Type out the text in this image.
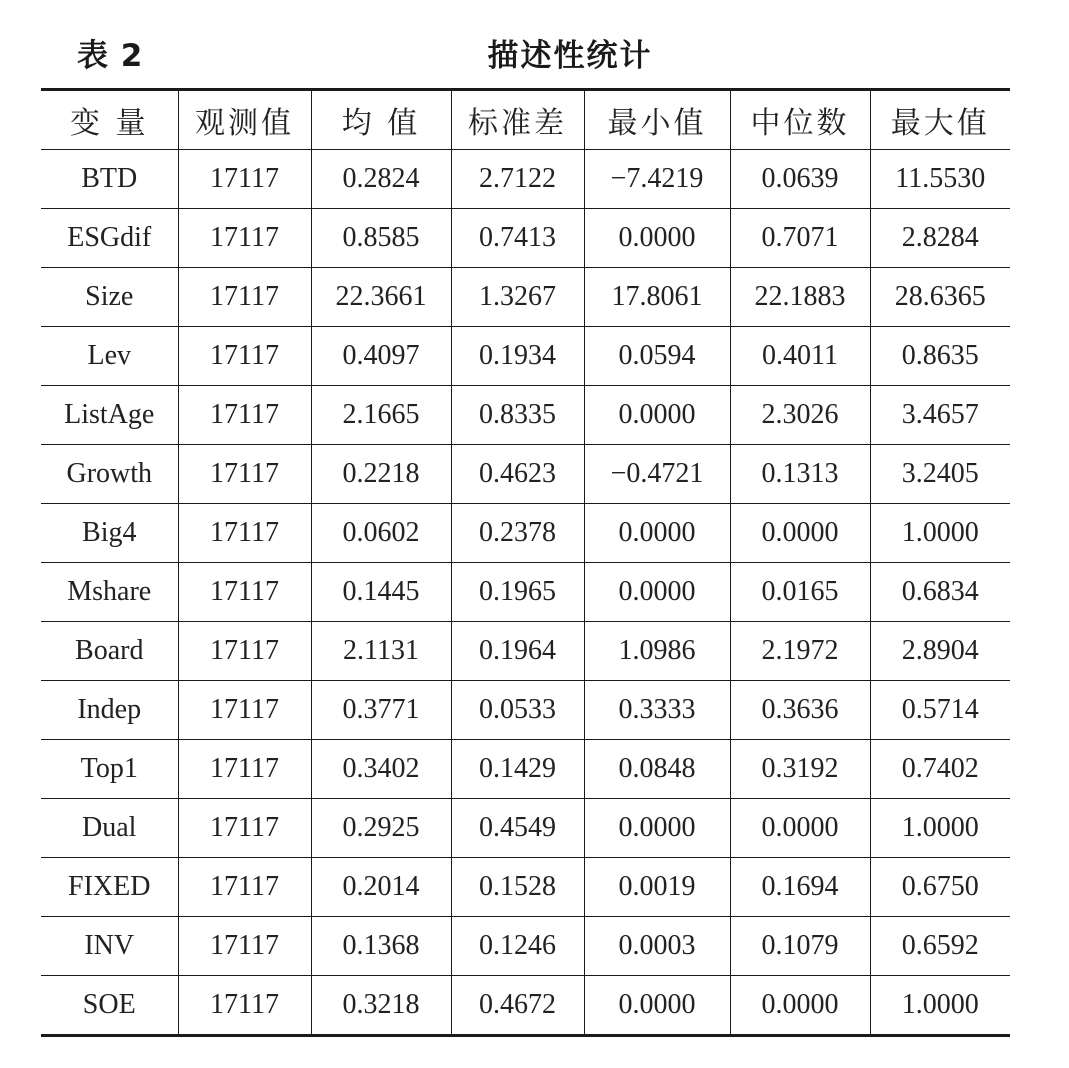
表 2	描述性统计
变 量	观测值	均 值	标准差	最小值	中位数	最大值
BTD	17117	0.2824	2.7122	−7.4219	0.0639	11.5530
ESGdif	17117	0.8585	0.7413	0.0000	0.7071	2.8284
Size	17117	22.3661	1.3267	17.8061	22.1883	28.6365
Lev	17117	0.4097	0.1934	0.0594	0.4011	0.8635
ListAge	17117	2.1665	0.8335	0.0000	2.3026	3.4657
Growth	17117	0.2218	0.4623	−0.4721	0.1313	3.2405
Big4	17117	0.0602	0.2378	0.0000	0.0000	1.0000
Mshare	17117	0.1445	0.1965	0.0000	0.0165	0.6834
Board	17117	2.1131	0.1964	1.0986	2.1972	2.8904
Indep	17117	0.3771	0.0533	0.3333	0.3636	0.5714
Top1	17117	0.3402	0.1429	0.0848	0.3192	0.7402
Dual	17117	0.2925	0.4549	0.0000	0.0000	1.0000
FIXED	17117	0.2014	0.1528	0.0019	0.1694	0.6750
INV	17117	0.1368	0.1246	0.0003	0.1079	0.6592
SOE	17117	0.3218	0.4672	0.0000	0.0000	1.0000
